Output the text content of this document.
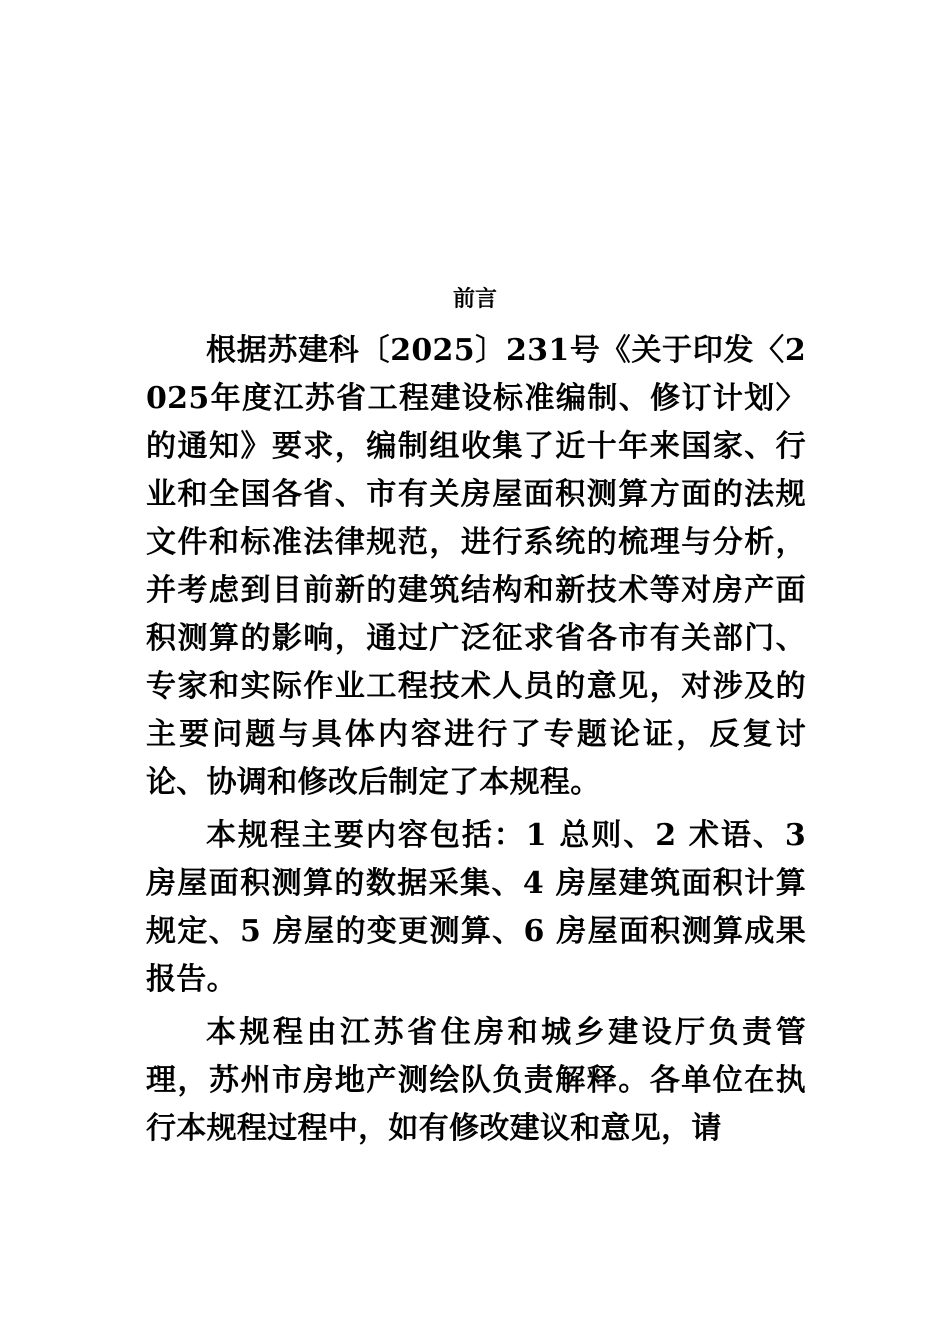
前言

根据苏建科〔2025〕231号《关于印发〈2025年度江苏省工程建设标准编制、修订计划〉的通知》要求，编制组收集了近十年来国家、行业和全国各省、市有关房屋面积测算方面的法规文件和标准法律规范，进行系统的梳理与分析，并考虑到目前新的建筑结构和新技术等对房产面积测算的影响，通过广泛征求省各市有关部门、专家和实际作业工程技术人员的意见，对涉及的主要问题与具体内容进行了专题论证，反复讨论、协调和修改后制定了本规程。

本规程主要内容包括：1 总则、2 术语、3 房屋面积测算的数据采集、4 房屋建筑面积计算规定、5 房屋的变更测算、6 房屋面积测算成果报告。

本规程由江苏省住房和城乡建设厅负责管理，苏州市房地产测绘队负责解释。各单位在执行本规程过程中，如有修改建议和意见，请
